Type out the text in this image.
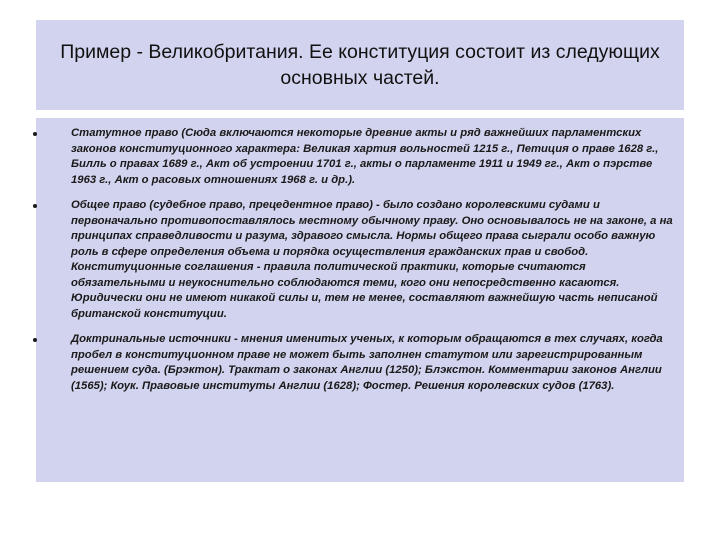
Пример - Великобритания. Ее конституция состоит из следующих основных частей.
Статутное право (Сюда включаются некоторые древние акты и ряд важнейших парламентских законов конституционного характера: Великая хартия вольностей 1215 г., Петиция о праве 1628 г., Билль о правах 1689 г., Акт об устроении 1701 г., акты о парламенте 1911 и 1949 гг., Акт о пэрстве 1963 г., Акт о расовых отношениях 1968 г. и др.).
Общее право (судебное право, прецедентное право) - было создано королевскими судами и первоначально противопоставлялось местному обычному праву. Оно основывалось не на законе, а на принципах справедливости и разума, здравого смысла. Нормы общего права сыграли особо важную роль в сфере определения объема и порядка осуществления гражданских прав и свобод. Конституционные соглашения - правила политической практики, которые считаются обязательными и неукоснительно соблюдаются теми, кого они непосредственно касаются. Юридически они не имеют никакой силы и, тем не менее, составляют важнейшую часть неписаной британской конституции.
Доктринальные источники - мнения именитых ученых, к которым обращаются в тех случаях, когда пробел в конституционном праве не может быть заполнен статутом или зарегистрированным решением суда. (Брэктон). Трактат о законах Англии (1250); Блэкстон. Комментарии законов Англии (1565); Коук. Правовые институты Англии (1628); Фостер. Решения королевских судов (1763).
